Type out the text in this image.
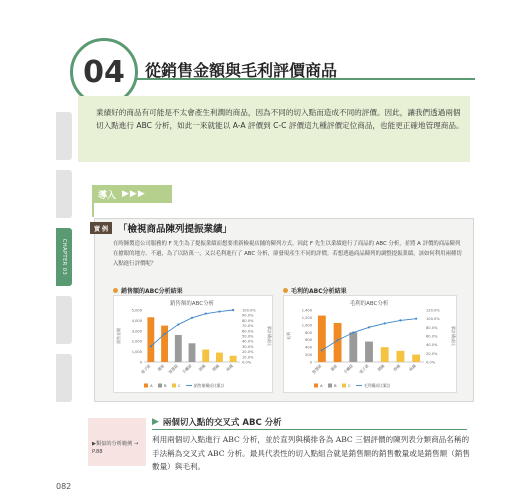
CHAPTER 03
04	從銷售金額與毛利評價商品
業績好的商品有可能是不太會產生利潤的商品，因為不同的切入點而造成不同的評價。因此，讓我們透過兩個切入點進行 ABC 分析，如此一來就能以 A-A 評價到 C-C 評價這九種評價定位商品，也能更正確地管理商品。
導入 ▶▶▶
實 例	「檢視商品陳列提振業績」
在時鐘製造公司服務的 F 先生為了提振業績而想要重新檢視店鋪的陳列方式。因此 F 先生以業績進行了商品的 ABC 分析，並將 A 評價的商品陳列在搶眼的地方。不過，為了以防萬一，又以毛利進行了 ABC 分析，卻發現產生不同的評價。若想透過商品陳列的調整提振業績，該如何利用兩種切入點進行評價呢？
銷售額的ABC分析結果	毛利的ABC分析結果
銷售額的ABC分析
5,000
4,000
3,000
2,000
1,000
0
100.0%
90.0%
80.0%
70.0%
60.0%
50.0%
40.0%
30.0%
20.0%
10.0%
0.0%
銷售金額	累計構成比
電子錶 懷錶 智慧錶 手機錶 掛鐘 鬧鐘 座鐘
A	B	C	銷售額構成比累計
毛利的ABC分析
1,400
1,200
1,000
800
600
400
200
0
120.0%
100.0%
80.0%
60.0%
40.0%
20.0%
0.0%
毛利	累計構成比
智慧錶 懷錶 手機錶 電子錶 鬧鐘 掛鐘 座鐘
A	B	C	毛利構成比累計
▶類似的分析範例 → P.88
▶ 兩個切入點的交叉式 ABC 分析
利用兩個切入點進行 ABC 分析，並於直列與橫排各為 ABC 三個評價的陳列表分類商品名稱的手法稱為交叉式 ABC 分析。最具代表性的切入點組合就是銷售額的銷售數量或是銷售額（銷售數量）與毛利。
082
